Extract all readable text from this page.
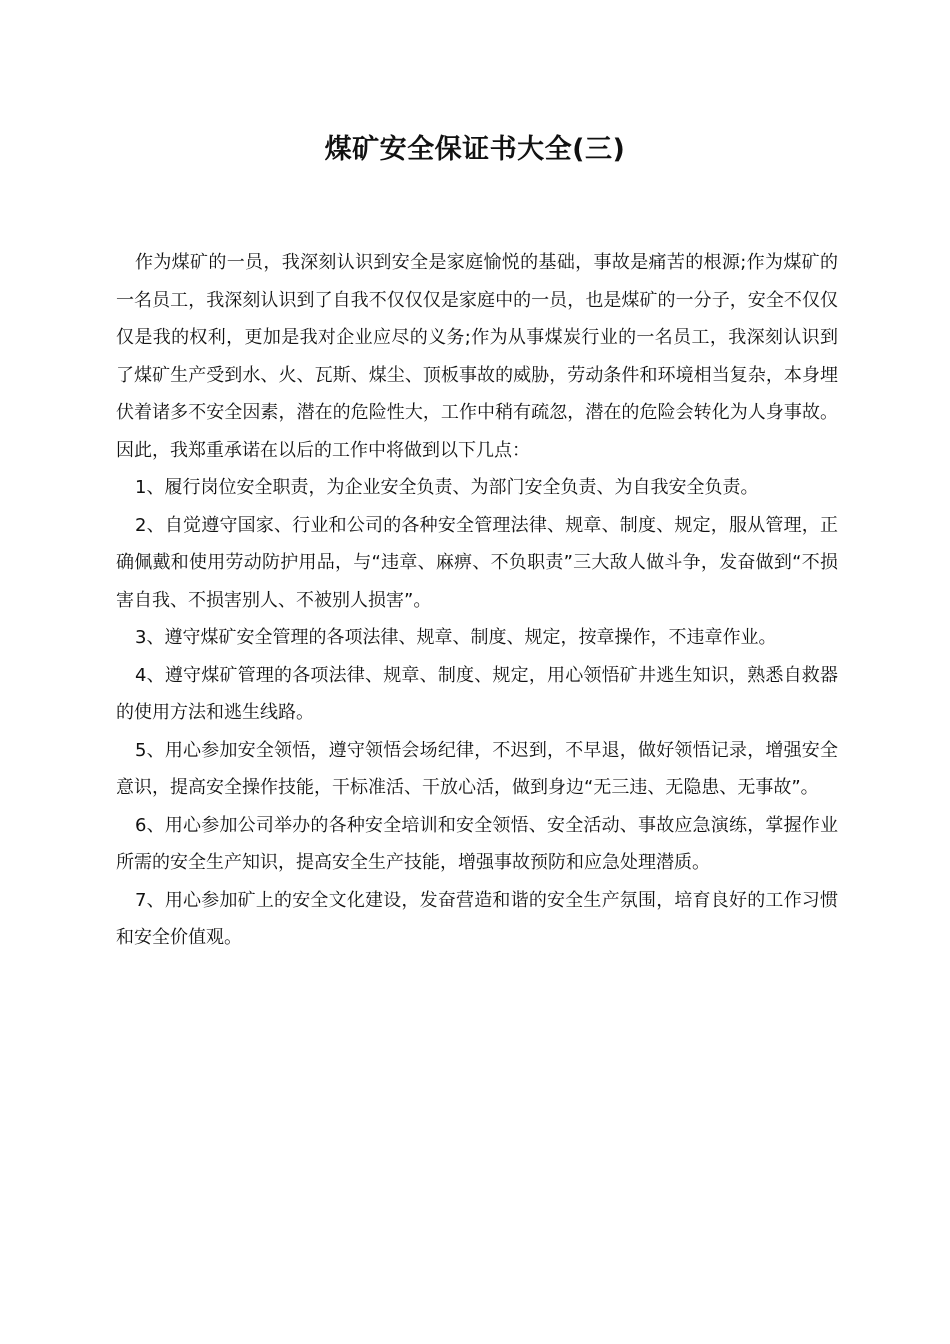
煤矿安全保证书大全(三)

作为煤矿的一员，我深刻认识到安全是家庭愉悦的基础，事故是痛苦的根源;作为煤矿的一名员工，我深刻认识到了自我不仅仅仅是家庭中的一员，也是煤矿的一分子，安全不仅仅仅是我的权利，更加是我对企业应尽的义务;作为从事煤炭行业的一名员工，我深刻认识到了煤矿生产受到水、火、瓦斯、煤尘、顶板事故的威胁，劳动条件和环境相当复杂，本身埋伏着诸多不安全因素，潜在的危险性大，工作中稍有疏忽，潜在的危险会转化为人身事故。因此，我郑重承诺在以后的工作中将做到以下几点：

1、履行岗位安全职责，为企业安全负责、为部门安全负责、为自我安全负责。

2、自觉遵守国家、行业和公司的各种安全管理法律、规章、制度、规定，服从管理，正确佩戴和使用劳动防护用品，与“违章、麻痹、不负职责”三大敌人做斗争，发奋做到“不损害自我、不损害别人、不被别人损害”。

3、遵守煤矿安全管理的各项法律、规章、制度、规定，按章操作，不违章作业。

4、遵守煤矿管理的各项法律、规章、制度、规定，用心领悟矿井逃生知识，熟悉自救器的使用方法和逃生线路。

5、用心参加安全领悟，遵守领悟会场纪律，不迟到，不早退，做好领悟记录，增强安全意识，提高安全操作技能，干标准活、干放心活，做到身边“无三违、无隐患、无事故”。

6、用心参加公司举办的各种安全培训和安全领悟、安全活动、事故应急演练，掌握作业所需的安全生产知识，提高安全生产技能，增强事故预防和应急处理潜质。

7、用心参加矿上的安全文化建设，发奋营造和谐的安全生产氛围，培育良好的工作习惯和安全价值观。
